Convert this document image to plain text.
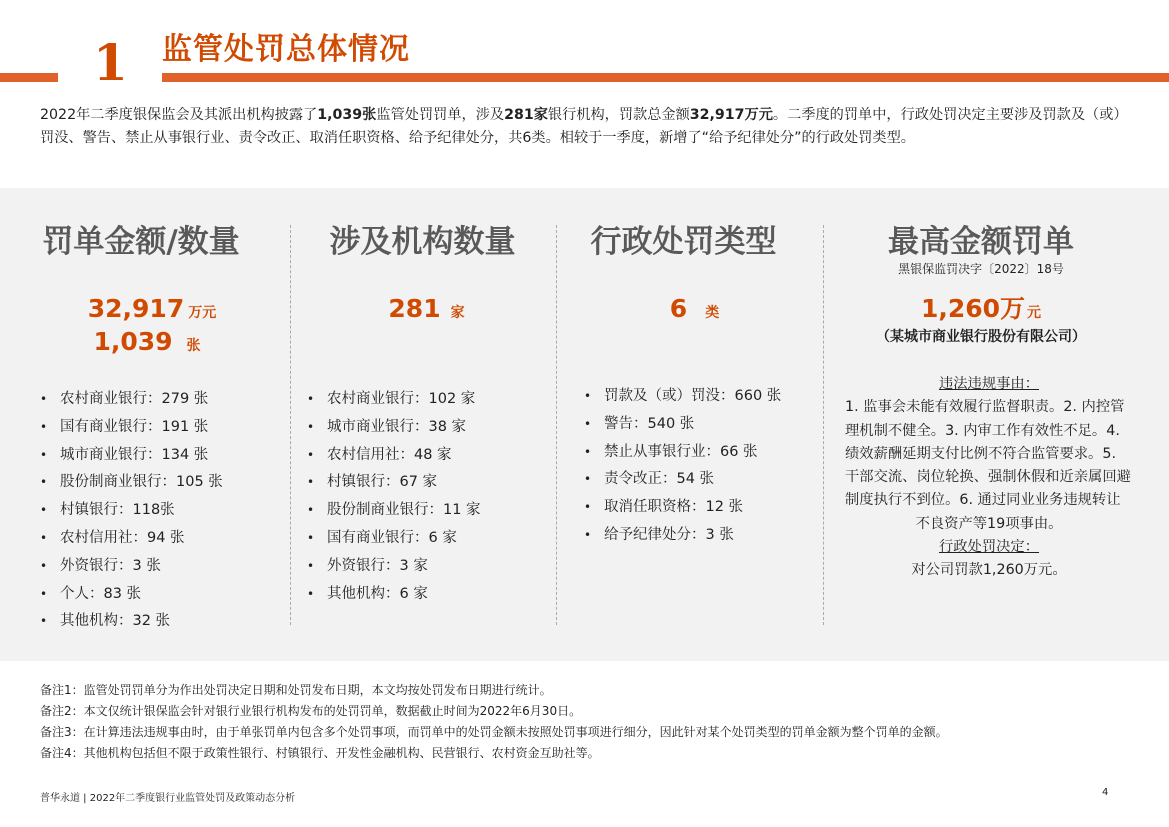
1 监管处罚总体情况
2022年二季度银保监会及其派出机构披露了1,039张监管处罚罚单，涉及281家银行机构，罚款总金额32,917万元。二季度的罚单中，行政处罚决定主要涉及罚款及（或）罚没、警告、禁止从事银行业、责令改正、取消任职资格、给予纪律处分，共6类。相较于一季度，新增了“给予纪律处分”的行政处罚类型。
罚单金额/数量
32,917 万元
1,039 张
• 农村商业银行：279 张
• 国有商业银行：191 张
• 城市商业银行：134 张
• 股份制商业银行：105 张
• 村镇银行：118张
• 农村信用社：94 张
• 外资银行：3 张
• 个人：83 张
• 其他机构：32 张
涉及机构数量
281 家
• 农村商业银行：102 家
• 城市商业银行：38 家
• 农村信用社：48 家
• 村镇银行：67 家
• 股份制商业银行：11 家
• 国有商业银行：6 家
• 外资银行：3 家
• 其他机构：6 家
行政处罚类型
6 类
• 罚款及（或）罚没：660 张
• 警告：540 张
• 禁止从事银行业：66 张
• 责令改正：54 张
• 取消任职资格：12 张
• 给予纪律处分：3 张
最高金额罚单
黑银保监罚决字〔2022〕18号
1,260万 元
（某城市商业银行股份有限公司）
违法违规事由：
1. 监事会未能有效履行监督职责。2. 内控管理机制不健全。3. 内审工作有效性不足。4. 绩效薪酬延期支付比例不符合监管要求。5. 干部交流、岗位轮换、强制休假和近亲属回避制度执行不到位。6. 通过同业业务违规转让
不良资产等19项事由。
行政处罚决定：
对公司罚款1,260万元。
备注1：监管处罚罚单分为作出处罚决定日期和处罚发布日期，本文均按处罚发布日期进行统计。
备注2：本文仅统计银保监会针对银行业银行机构发布的处罚罚单，数据截止时间为2022年6月30日。
备注3：在计算违法违规事由时，由于单张罚单内包含多个处罚事项，而罚单中的处罚金额未按照处罚事项进行细分，因此针对某个处罚类型的罚单金额为整个罚单的金额。
备注4：其他机构包括但不限于政策性银行、村镇银行、开发性金融机构、民营银行、农村资金互助社等。
普华永道 | 2022年二季度银行业监管处罚及政策动态分析
4
